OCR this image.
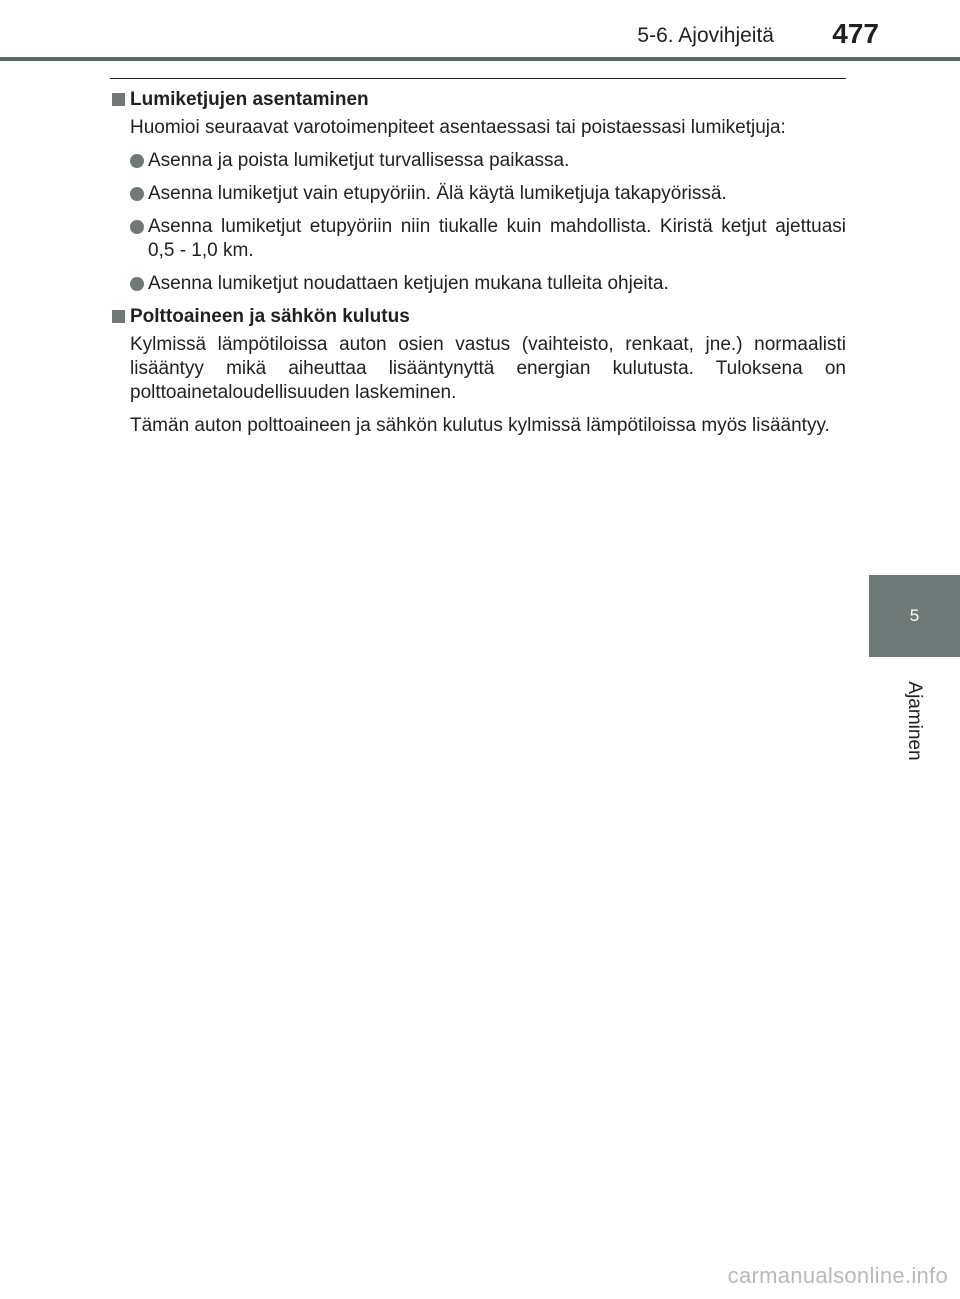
5-6. Ajovihjeitä 477
5
Ajaminen
Lumiketjujen asentaminen

Huomioi seuraavat varotoimenpiteet asentaessasi tai poistaessasi lumiketjuja:

Asenna ja poista lumiketjut turvallisessa paikassa.
Asenna lumiketjut vain etupyöriin. Älä käytä lumiketjuja takapyörissä.
Asenna lumiketjut etupyöriin niin tiukalle kuin mahdollista. Kiristä ketjut ajettuasi 0,5 - 1,0 km.
Asenna lumiketjut noudattaen ketjujen mukana tulleita ohjeita.
Polttoaineen ja sähkön kulutus

Kylmissä lämpötiloissa auton osien vastus (vaihteisto, renkaat, jne.) normaalisti lisääntyy mikä aiheuttaa lisääntynyttä energian kulutusta. Tuloksena on polttoainetaloudellisuuden laskeminen.

Tämän auton polttoaineen ja sähkön kulutus kylmissä lämpötiloissa myös lisääntyy.

carmanualsonline.info
